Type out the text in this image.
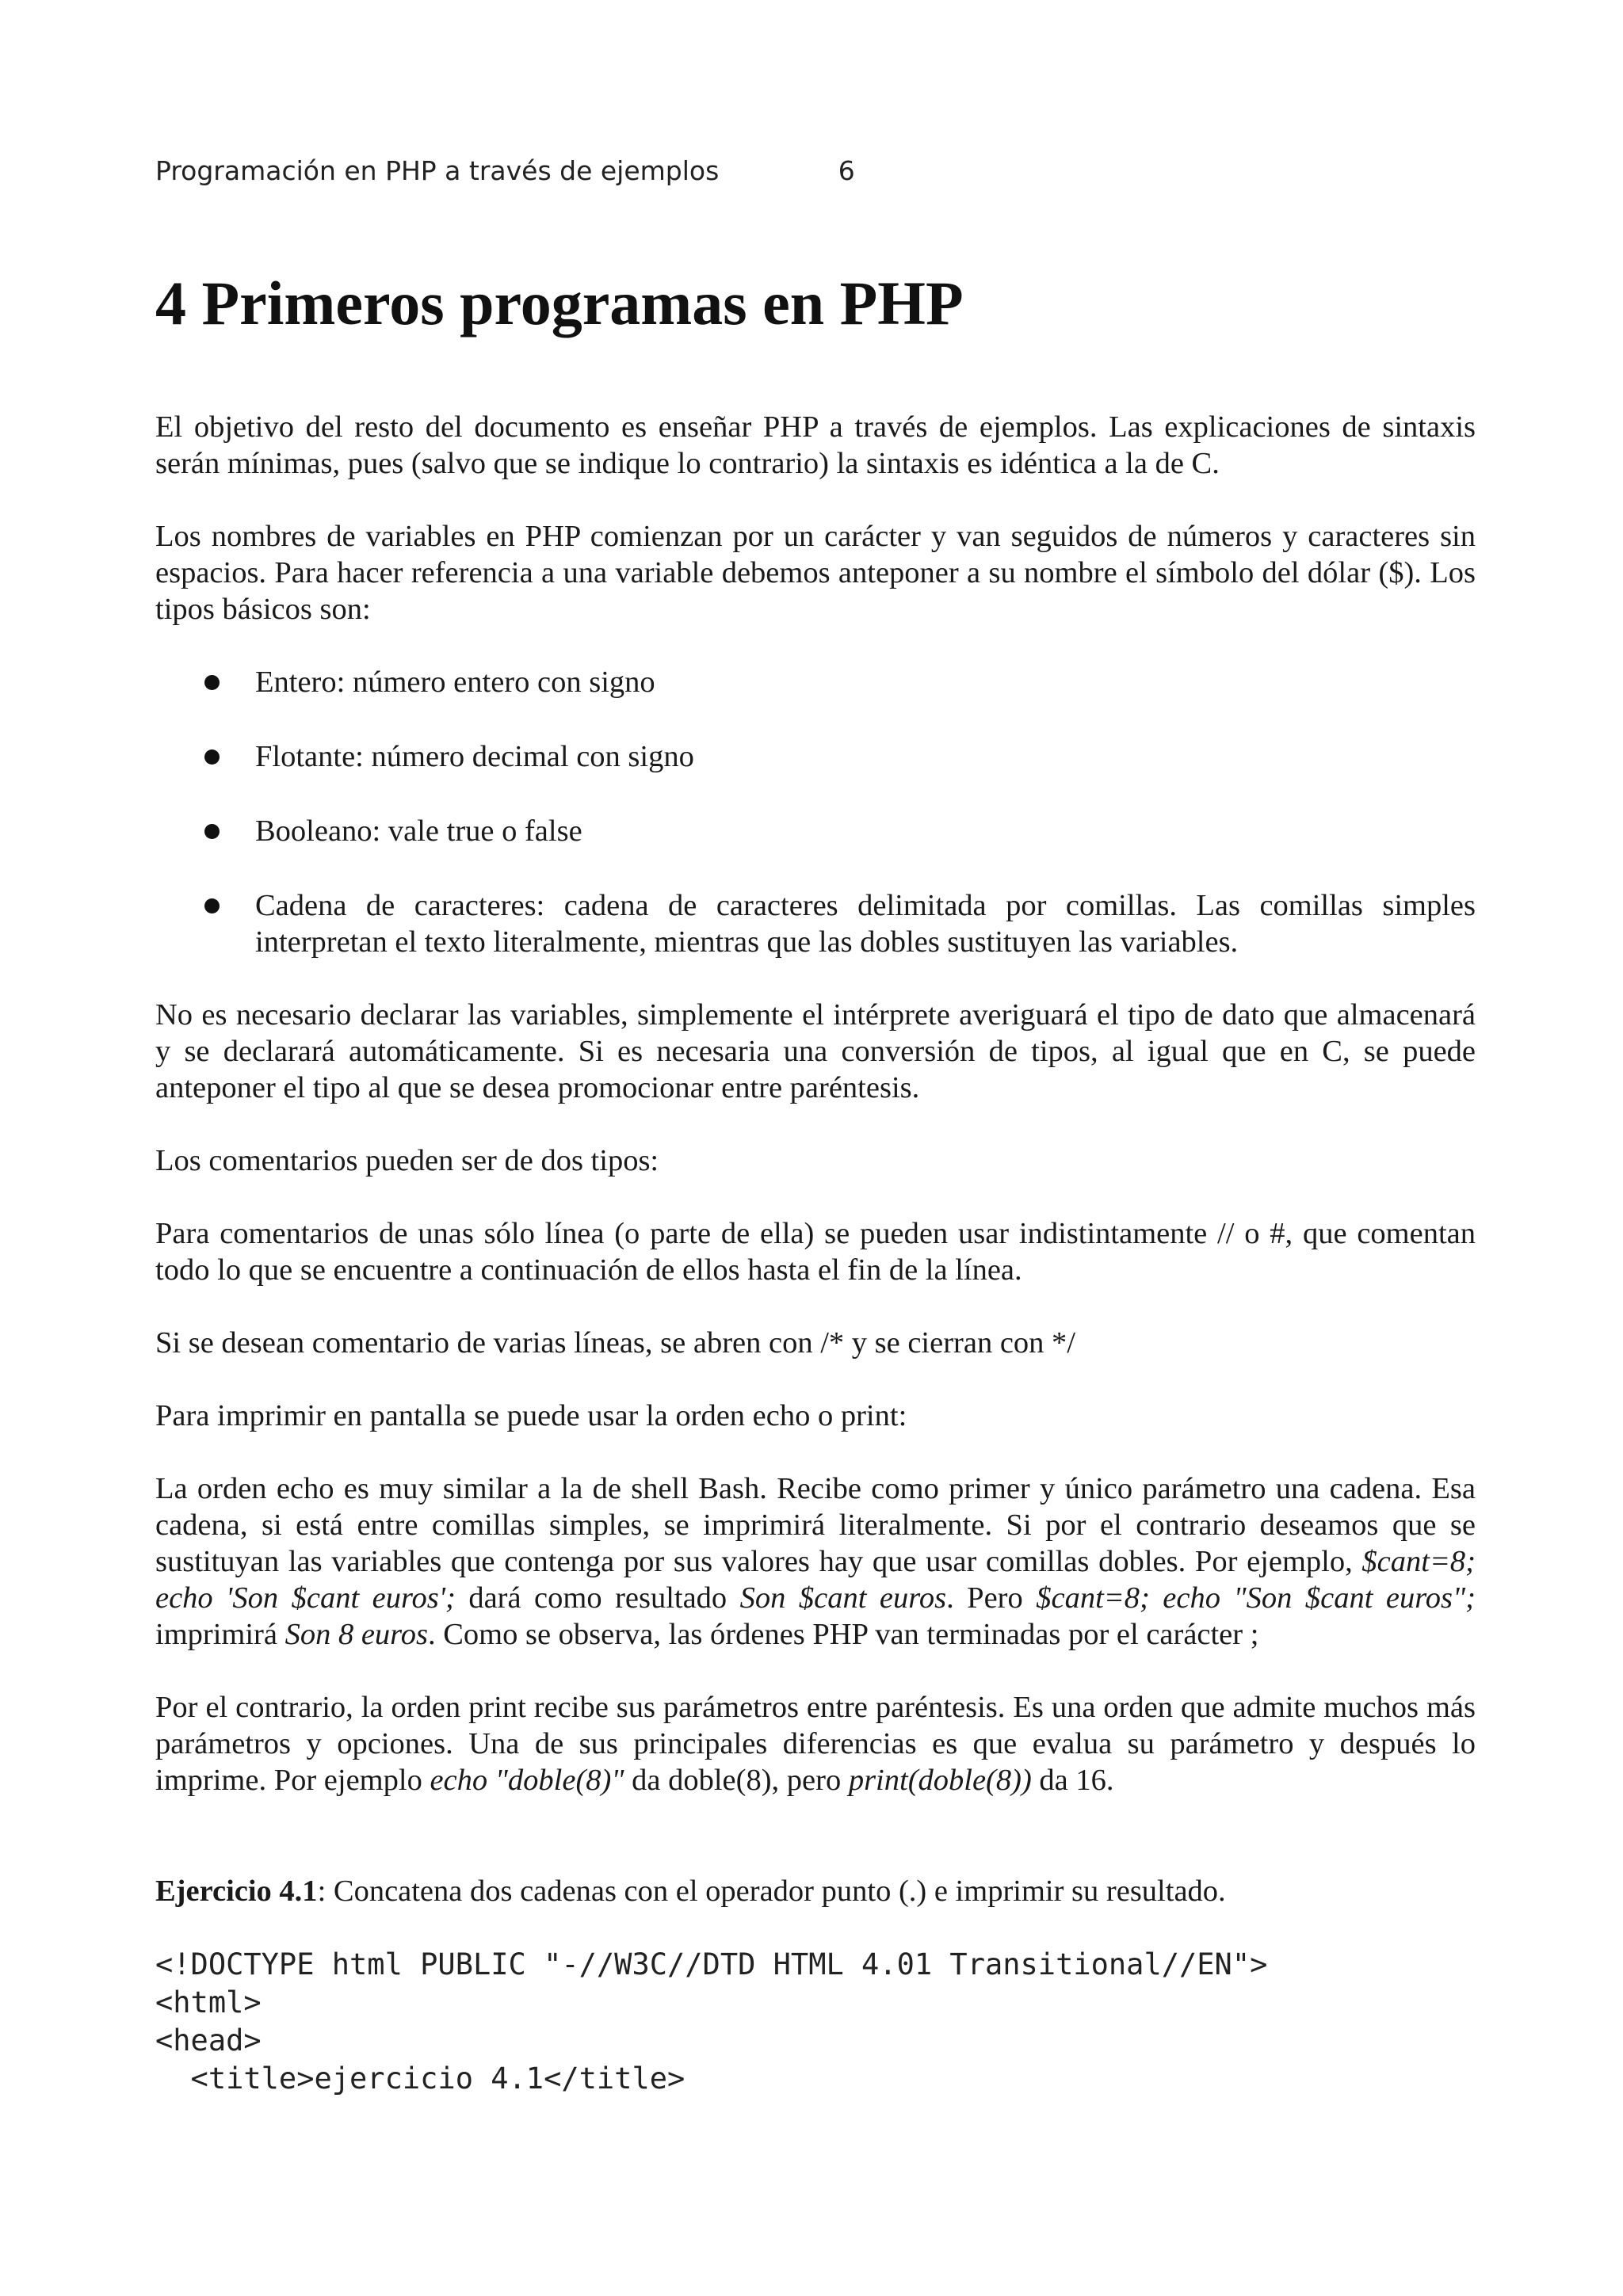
Programación en PHP a través de ejemplos	6
4 Primeros programas en PHP

El objetivo del resto del documento es enseñar PHP a través de ejemplos. Las explicaciones de sintaxis serán mínimas, pues (salvo que se indique lo contrario) la sintaxis es idéntica a la de C.

Los nombres de variables en PHP comienzan por un carácter y van seguidos de números y caracteres sin espacios. Para hacer referencia a una variable debemos anteponer a su nombre el símbolo del dólar ($). Los tipos básicos son:

Entero: número entero con signo
Flotante: número decimal con signo
Booleano: vale true o false
Cadena de caracteres: cadena de caracteres delimitada por comillas. Las comillas simples interpretan el texto literalmente, mientras que las dobles sustituyen las variables.

No es necesario declarar las variables, simplemente el intérprete averiguará el tipo de dato que almacenará y se declarará automáticamente. Si es necesaria una conversión de tipos, al igual que en C, se puede anteponer el tipo al que se desea promocionar entre paréntesis.

Los comentarios pueden ser de dos tipos:

Para comentarios de unas sólo línea (o parte de ella) se pueden usar indistintamente // o #, que comentan todo lo que se encuentre a continuación de ellos hasta el fin de la línea.

Si se desean comentario de varias líneas, se abren con /* y se cierran con */

Para imprimir en pantalla se puede usar la orden echo o print:

La orden echo es muy similar a la de shell Bash. Recibe como primer y único parámetro una cadena. Esa cadena, si está entre comillas simples, se imprimirá literalmente. Si por el contrario deseamos que se sustituyan las variables que contenga por sus valores hay que usar comillas dobles. Por ejemplo, $cant=8; echo 'Son $cant euros'; dará como resultado Son $cant euros. Pero $cant=8; echo "Son $cant euros"; imprimirá Son 8 euros. Como se observa, las órdenes PHP van terminadas por el carácter ;

Por el contrario, la orden print recibe sus parámetros entre paréntesis. Es una orden que admite muchos más parámetros y opciones. Una de sus principales diferencias es que evalua su parámetro y después lo imprime. Por ejemplo echo "doble(8)" da doble(8), pero print(doble(8)) da 16.

Ejercicio 4.1: Concatena dos cadenas con el operador punto (.) e imprimir su resultado.

<!DOCTYPE html PUBLIC "-//W3C//DTD HTML 4.01 Transitional//EN">
<html>
<head>
<title>ejercicio 4.1</title>
